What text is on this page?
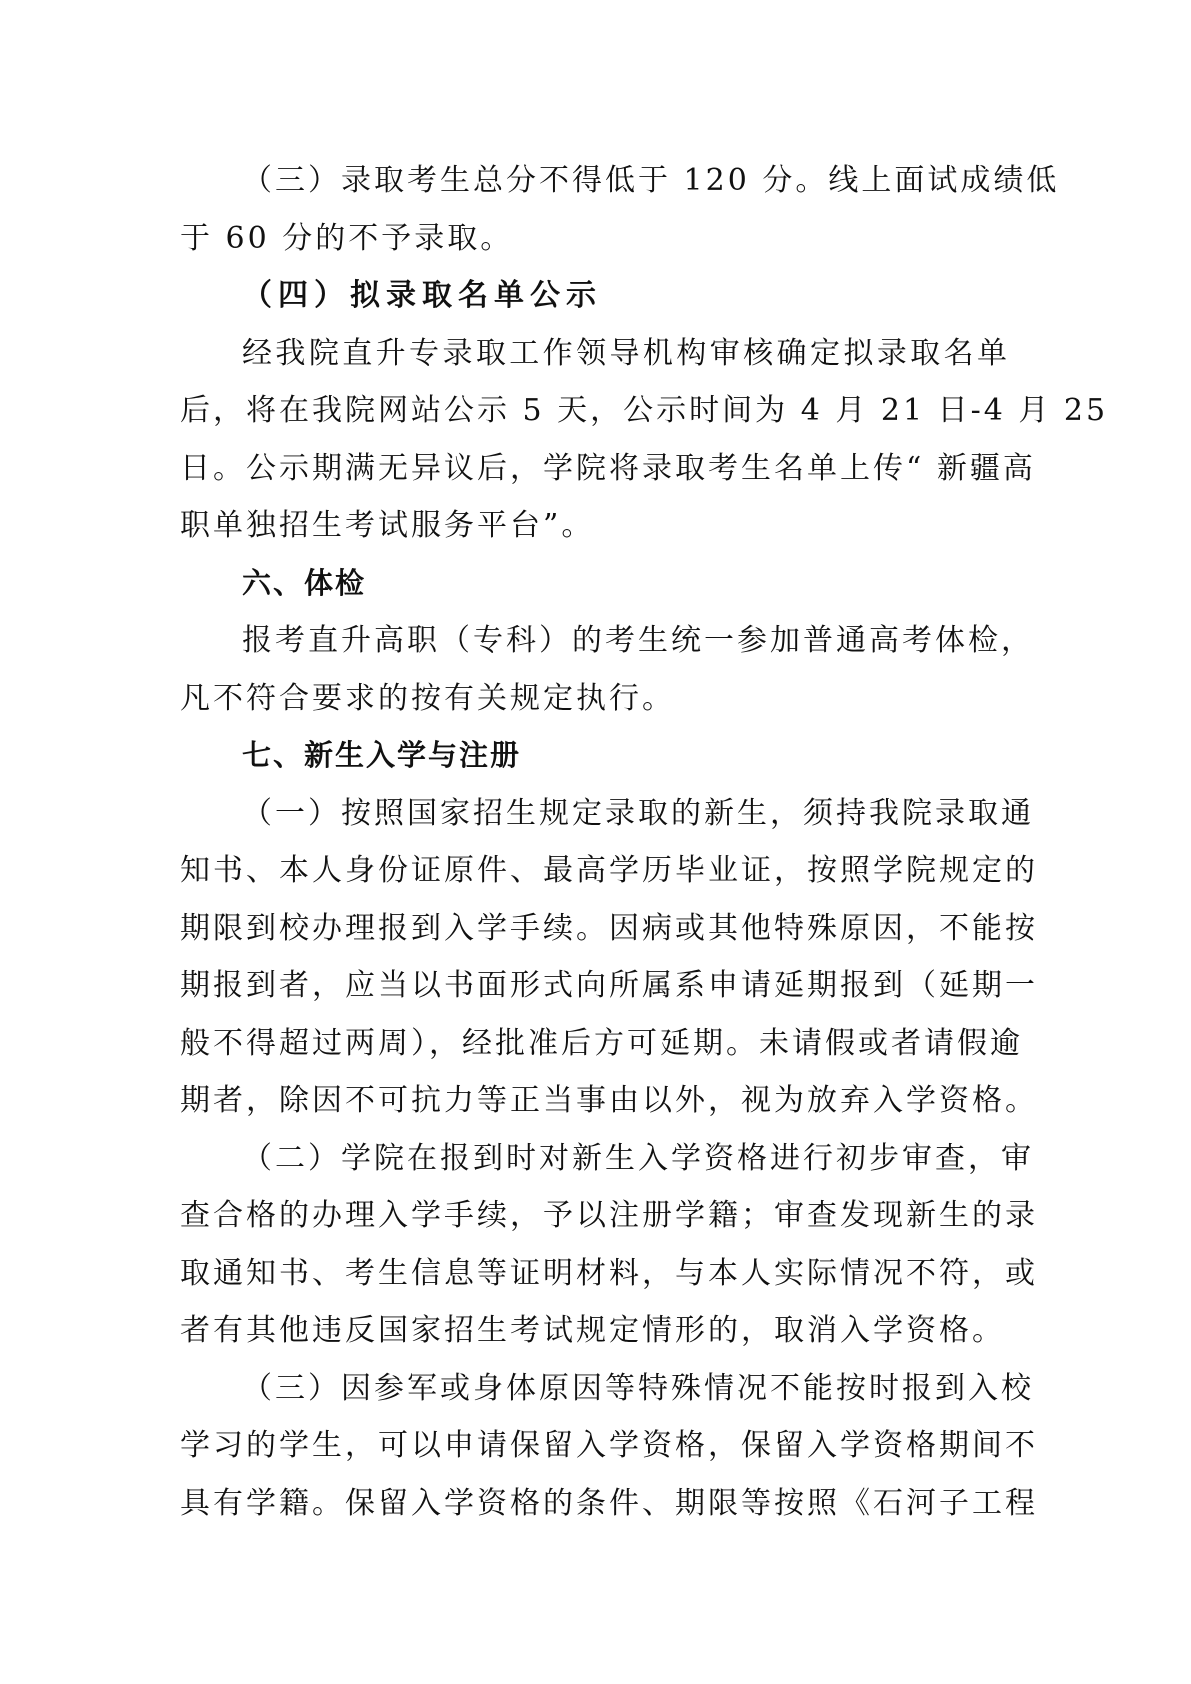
（三）录取考生总分不得低于 120 分。线上面试成绩低
于 60 分的不予录取。
（四）拟录取名单公示
经我院直升专录取工作领导机构审核确定拟录取名单
后，将在我院网站公示 5 天，公示时间为 4 月 21 日-4 月 25
日。公示期满无异议后，学院将录取考生名单上传“ 新疆高
职单独招生考试服务平台”。
六、体检
报考直升高职（专科）的考生统一参加普通高考体检，
凡不符合要求的按有关规定执行。
七、新生入学与注册
（一）按照国家招生规定录取的新生，须持我院录取通
知书、本人身份证原件、最高学历毕业证，按照学院规定的
期限到校办理报到入学手续。因病或其他特殊原因，不能按
期报到者，应当以书面形式向所属系申请延期报到（延期一
般不得超过两周），经批准后方可延期。未请假或者请假逾
期者，除因不可抗力等正当事由以外，视为放弃入学资格。
（二）学院在报到时对新生入学资格进行初步审查，审
查合格的办理入学手续，予以注册学籍；审查发现新生的录
取通知书、考生信息等证明材料，与本人实际情况不符，或
者有其他违反国家招生考试规定情形的，取消入学资格。
（三）因参军或身体原因等特殊情况不能按时报到入校
学习的学生，可以申请保留入学资格，保留入学资格期间不
具有学籍。保留入学资格的条件、期限等按照《石河子工程
